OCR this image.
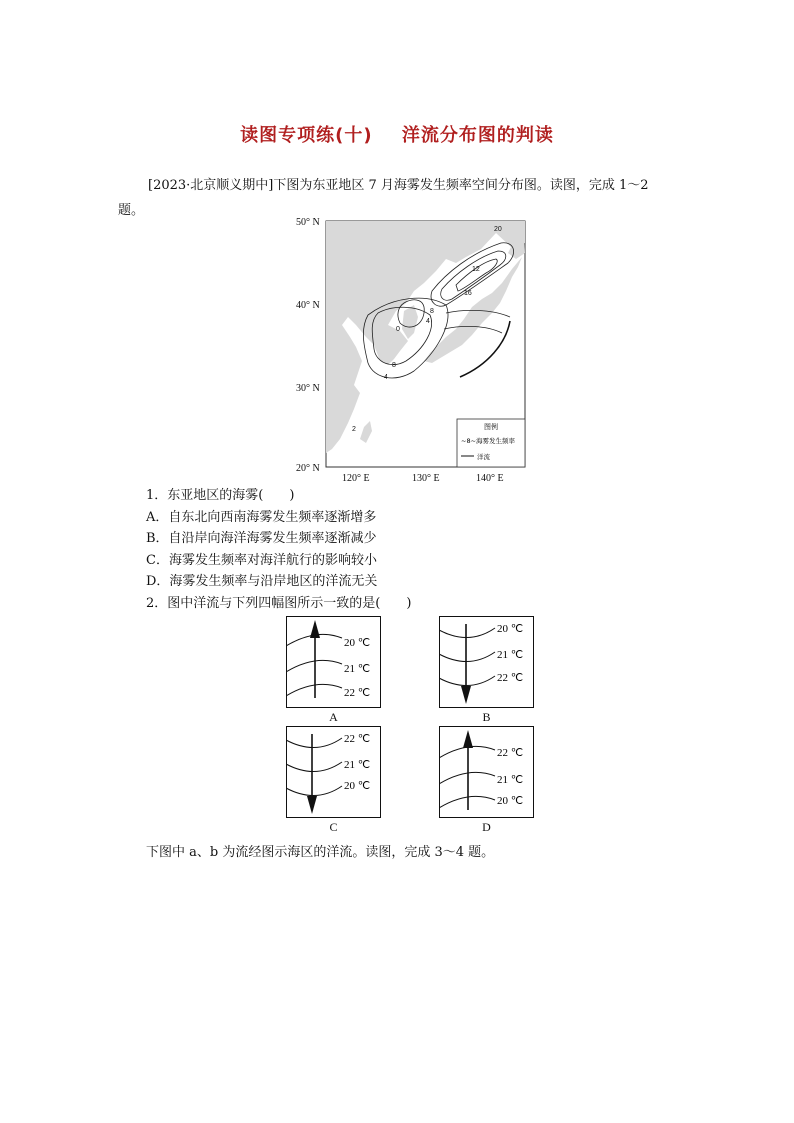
读图专项练(十) 洋流分布图的判读
[2023·北京顺义期中]下图为东亚地区 7 月海雾发生频率空间分布图。读图，完成 1～2 题。
20
12
16
8
4
0
8
4
2
50° N
40° N
30° N
20° N
120° E	130° E	140° E
图例
~8~海雾发生频率
洋流
1．东亚地区的海雾(　　)
A．自东北向西南海雾发生频率逐渐增多
B．自沿岸向海洋海雾发生频率逐渐减少
C．海雾发生频率对海洋航行的影响较小
D．海雾发生频率与沿岸地区的洋流无关
2．图中洋流与下列四幅图所示一致的是(　　)
20 ℃
21 ℃
22 ℃
A
20 ℃
21 ℃
22 ℃
B
22 ℃
21 ℃
20 ℃
C
22 ℃
21 ℃
20 ℃
D
下图中 a、b 为流经图示海区的洋流。读图，完成 3～4 题。
